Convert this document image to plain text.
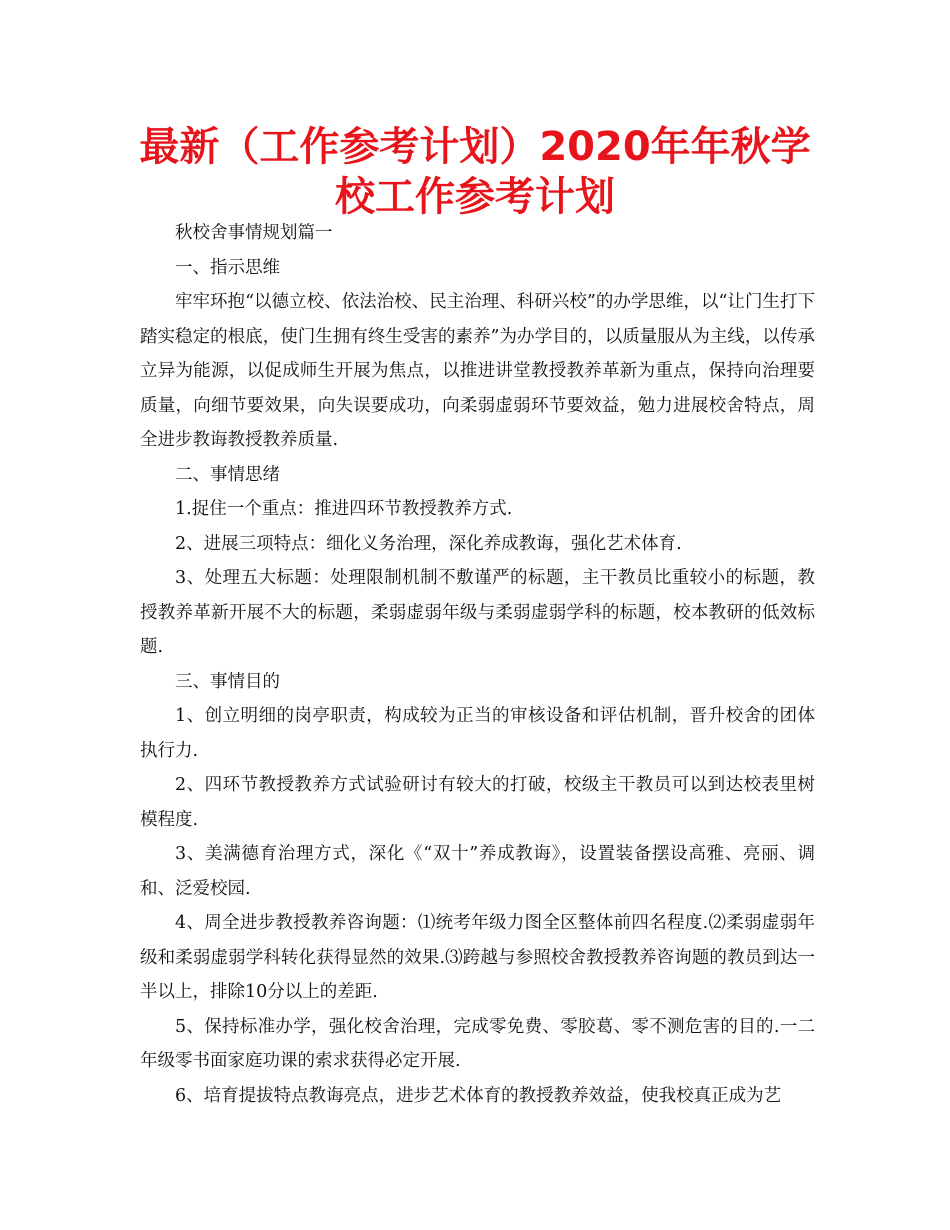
最新（工作参考计划）2020年年秋学校工作参考计划

秋校舍事情规划篇一

一、指示思维

牢牢环抱“以德立校、依法治校、民主治理、科研兴校”的办学思维，以“让门生打下踏实稳定的根底，使门生拥有终生受害的素养”为办学目的，以质量服从为主线，以传承立异为能源，以促成师生开展为焦点，以推进讲堂教授教养革新为重点，保持向治理要质量，向细节要效果，向失误要成功，向柔弱虚弱环节要效益，勉力进展校舍特点，周全进步教诲教授教养质量.

二、事情思绪

1.捉住一个重点：推进四环节教授教养方式.

2、进展三项特点：细化义务治理，深化养成教诲，强化艺术体育.

3、处理五大标题：处理限制机制不敷谨严的标题，主干教员比重较小的标题，教授教养革新开展不大的标题，柔弱虚弱年级与柔弱虚弱学科的标题，校本教研的低效标题.

三、事情目的

1、创立明细的岗亭职责，构成较为正当的审核设备和评估机制，晋升校舍的团体执行力.

2、四环节教授教养方式试验研讨有较大的打破，校级主干教员可以到达校表里树模程度.

3、美满德育治理方式，深化《“双十”养成教诲》，设置装备摆设高雅、亮丽、调和、泛爱校园.

4、周全进步教授教养咨询题：⑴统考年级力图全区整体前四名程度.⑵柔弱虚弱年级和柔弱虚弱学科转化获得显然的效果.⑶跨越与参照校舍教授教养咨询题的教员到达一半以上，排除10分以上的差距.

5、保持标准办学，强化校舍治理，完成零免费、零胶葛、零不测危害的目的.一二年级零书面家庭功课的索求获得必定开展.

6、培育提拔特点教诲亮点，进步艺术体育的教授教养效益，使我校真正成为艺
